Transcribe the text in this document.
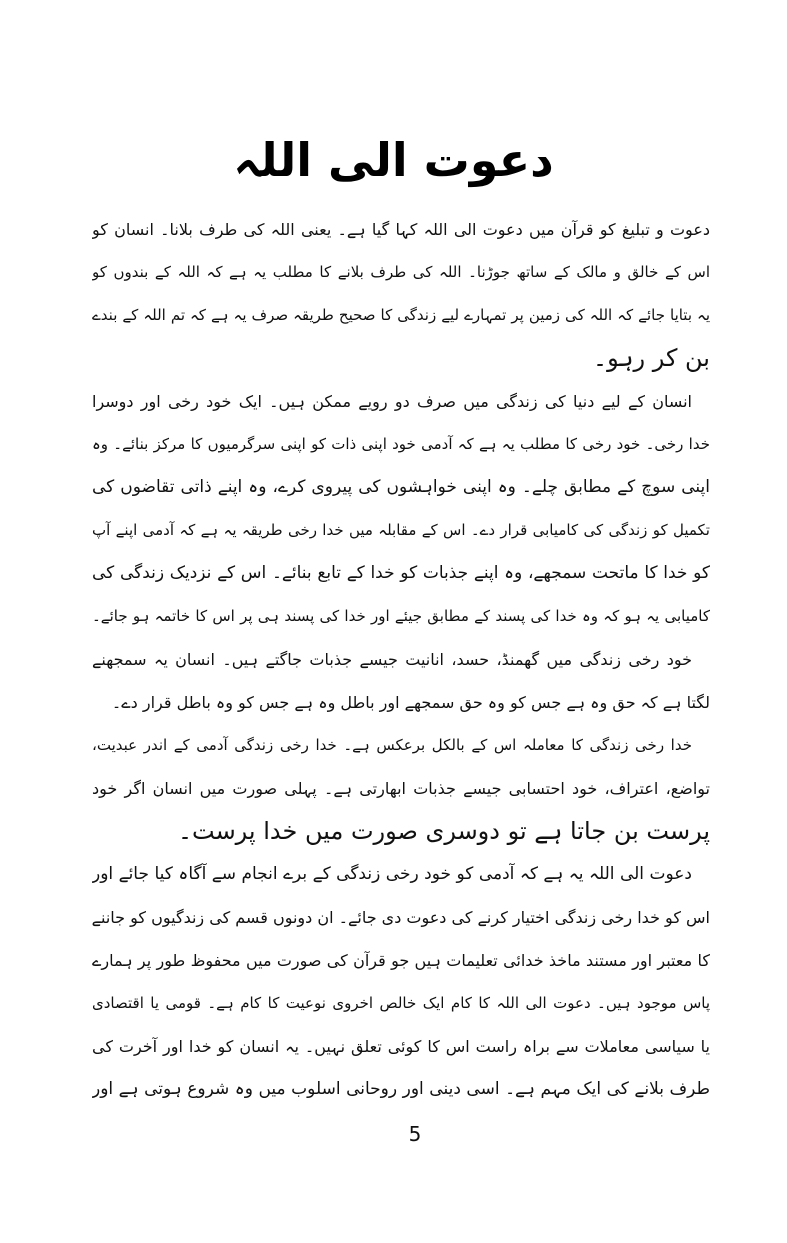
دعوت الی اللہ
دعوت و تبلیغ کو قرآن میں دعوت الی اللہ کہا گیا ہے۔ یعنی اللہ کی طرف بلانا۔ انسان کو
اس کے خالق و مالک کے ساتھ جوڑنا۔ اللہ کی طرف بلانے کا مطلب یہ ہے کہ اللہ کے بندوں کو
یہ بتایا جائے کہ اللہ کی زمین پر تمہارے لیے زندگی کا صحیح طریقہ صرف یہ ہے کہ تم اللہ کے بندے
بن کر رہو۔
انسان کے لیے دنیا کی زندگی میں صرف دو رویے ممکن ہیں۔ ایک خود رخی اور دوسرا
خدا رخی۔ خود رخی کا مطلب یہ ہے کہ آدمی خود اپنی ذات کو اپنی سرگرمیوں کا مرکز بنائے۔ وہ
اپنی سوچ کے مطابق چلے۔ وہ اپنی خواہشوں کی پیروی کرے، وہ اپنے ذاتی تقاضوں کی
تکمیل کو زندگی کی کامیابی قرار دے۔ اس کے مقابلہ میں خدا رخی طریقہ یہ ہے کہ آدمی اپنے آپ
کو خدا کا ماتحت سمجھے، وہ اپنے جذبات کو خدا کے تابع بنائے۔ اس کے نزدیک زندگی کی
کامیابی یہ ہو کہ وہ خدا کی پسند کے مطابق جیئے اور خدا کی پسند ہی پر اس کا خاتمہ ہو جائے۔
خود رخی زندگی میں گھمنڈ، حسد، انانیت جیسے جذبات جاگتے ہیں۔ انسان یہ سمجھنے
لگتا ہے کہ حق وہ ہے جس کو وہ حق سمجھے اور باطل وہ ہے جس کو وہ باطل قرار دے۔
خدا رخی زندگی کا معاملہ اس کے بالکل برعکس ہے۔ خدا رخی زندگی آدمی کے اندر عبدیت،
تواضع، اعتراف، خود احتسابی جیسے جذبات ابھارتی ہے۔ پہلی صورت میں انسان اگر خود
پرست بن جاتا ہے تو دوسری صورت میں خدا پرست۔
دعوت الی اللہ یہ ہے کہ آدمی کو خود رخی زندگی کے برے انجام سے آگاہ کیا جائے اور
اس کو خدا رخی زندگی اختیار کرنے کی دعوت دی جائے۔ ان دونوں قسم کی زندگیوں کو جاننے
کا معتبر اور مستند ماخذ خدائی تعلیمات ہیں جو قرآن کی صورت میں محفوظ طور پر ہمارے
پاس موجود ہیں۔ دعوت الی اللہ کا کام ایک خالص اخروی نوعیت کا کام ہے۔ قومی یا اقتصادی
یا سیاسی معاملات سے براہ راست اس کا کوئی تعلق نہیں۔ یہ انسان کو خدا اور آخرت کی
طرف بلانے کی ایک مہم ہے۔ اسی دینی اور روحانی اسلوب میں وہ شروع ہوتی ہے اور
5
